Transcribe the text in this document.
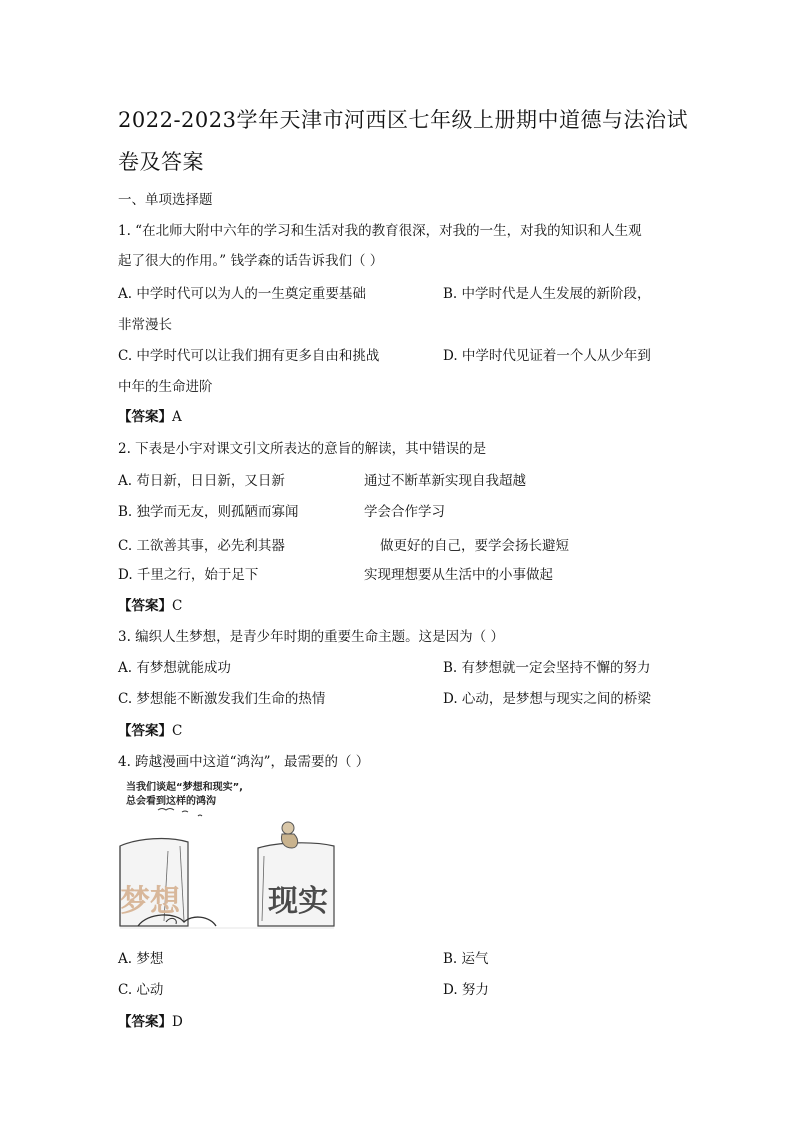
2022-2023学年天津市河西区七年级上册期中道德与法治试
卷及答案
一、单项选择题
1. “在北师大附中六年的学习和生活对我的教育很深，对我的一生，对我的知识和人生观
起了很大的作用。” 钱学森的话告诉我们（ ）
A. 中学时代可以为人的一生奠定重要基础	B. 中学时代是人生发展的新阶段，
非常漫长
C. 中学时代可以让我们拥有更多自由和挑战	D. 中学时代见证着一个人从少年到
中年的生命进阶
【答案】A
2. 下表是小宇对课文引文所表达的意旨的解读，其中错误的是
A. 苟日新，日日新，又日新	通过不断革新实现自我超越
B. 独学而无友，则孤陋而寡闻	学会合作学习
C. 工欲善其事，必先利其器	做更好的自己，要学会扬长避短
D. 千里之行，始于足下	实现理想要从生活中的小事做起
【答案】C
3. 编织人生梦想，是青少年时期的重要生命主题。这是因为（ ）
A. 有梦想就能成功	B. 有梦想就一定会坚持不懈的努力
C. 梦想能不断激发我们生命的热情	D. 心动，是梦想与现实之间的桥梁
【答案】C
4. 跨越漫画中这道“鸿沟”，最需要的（ ）
当我们谈起“梦想和现实”,
总会看到这样的鸿沟
梦想	现实
A. 梦想	B. 运气
C. 心动	D. 努力
【答案】D
